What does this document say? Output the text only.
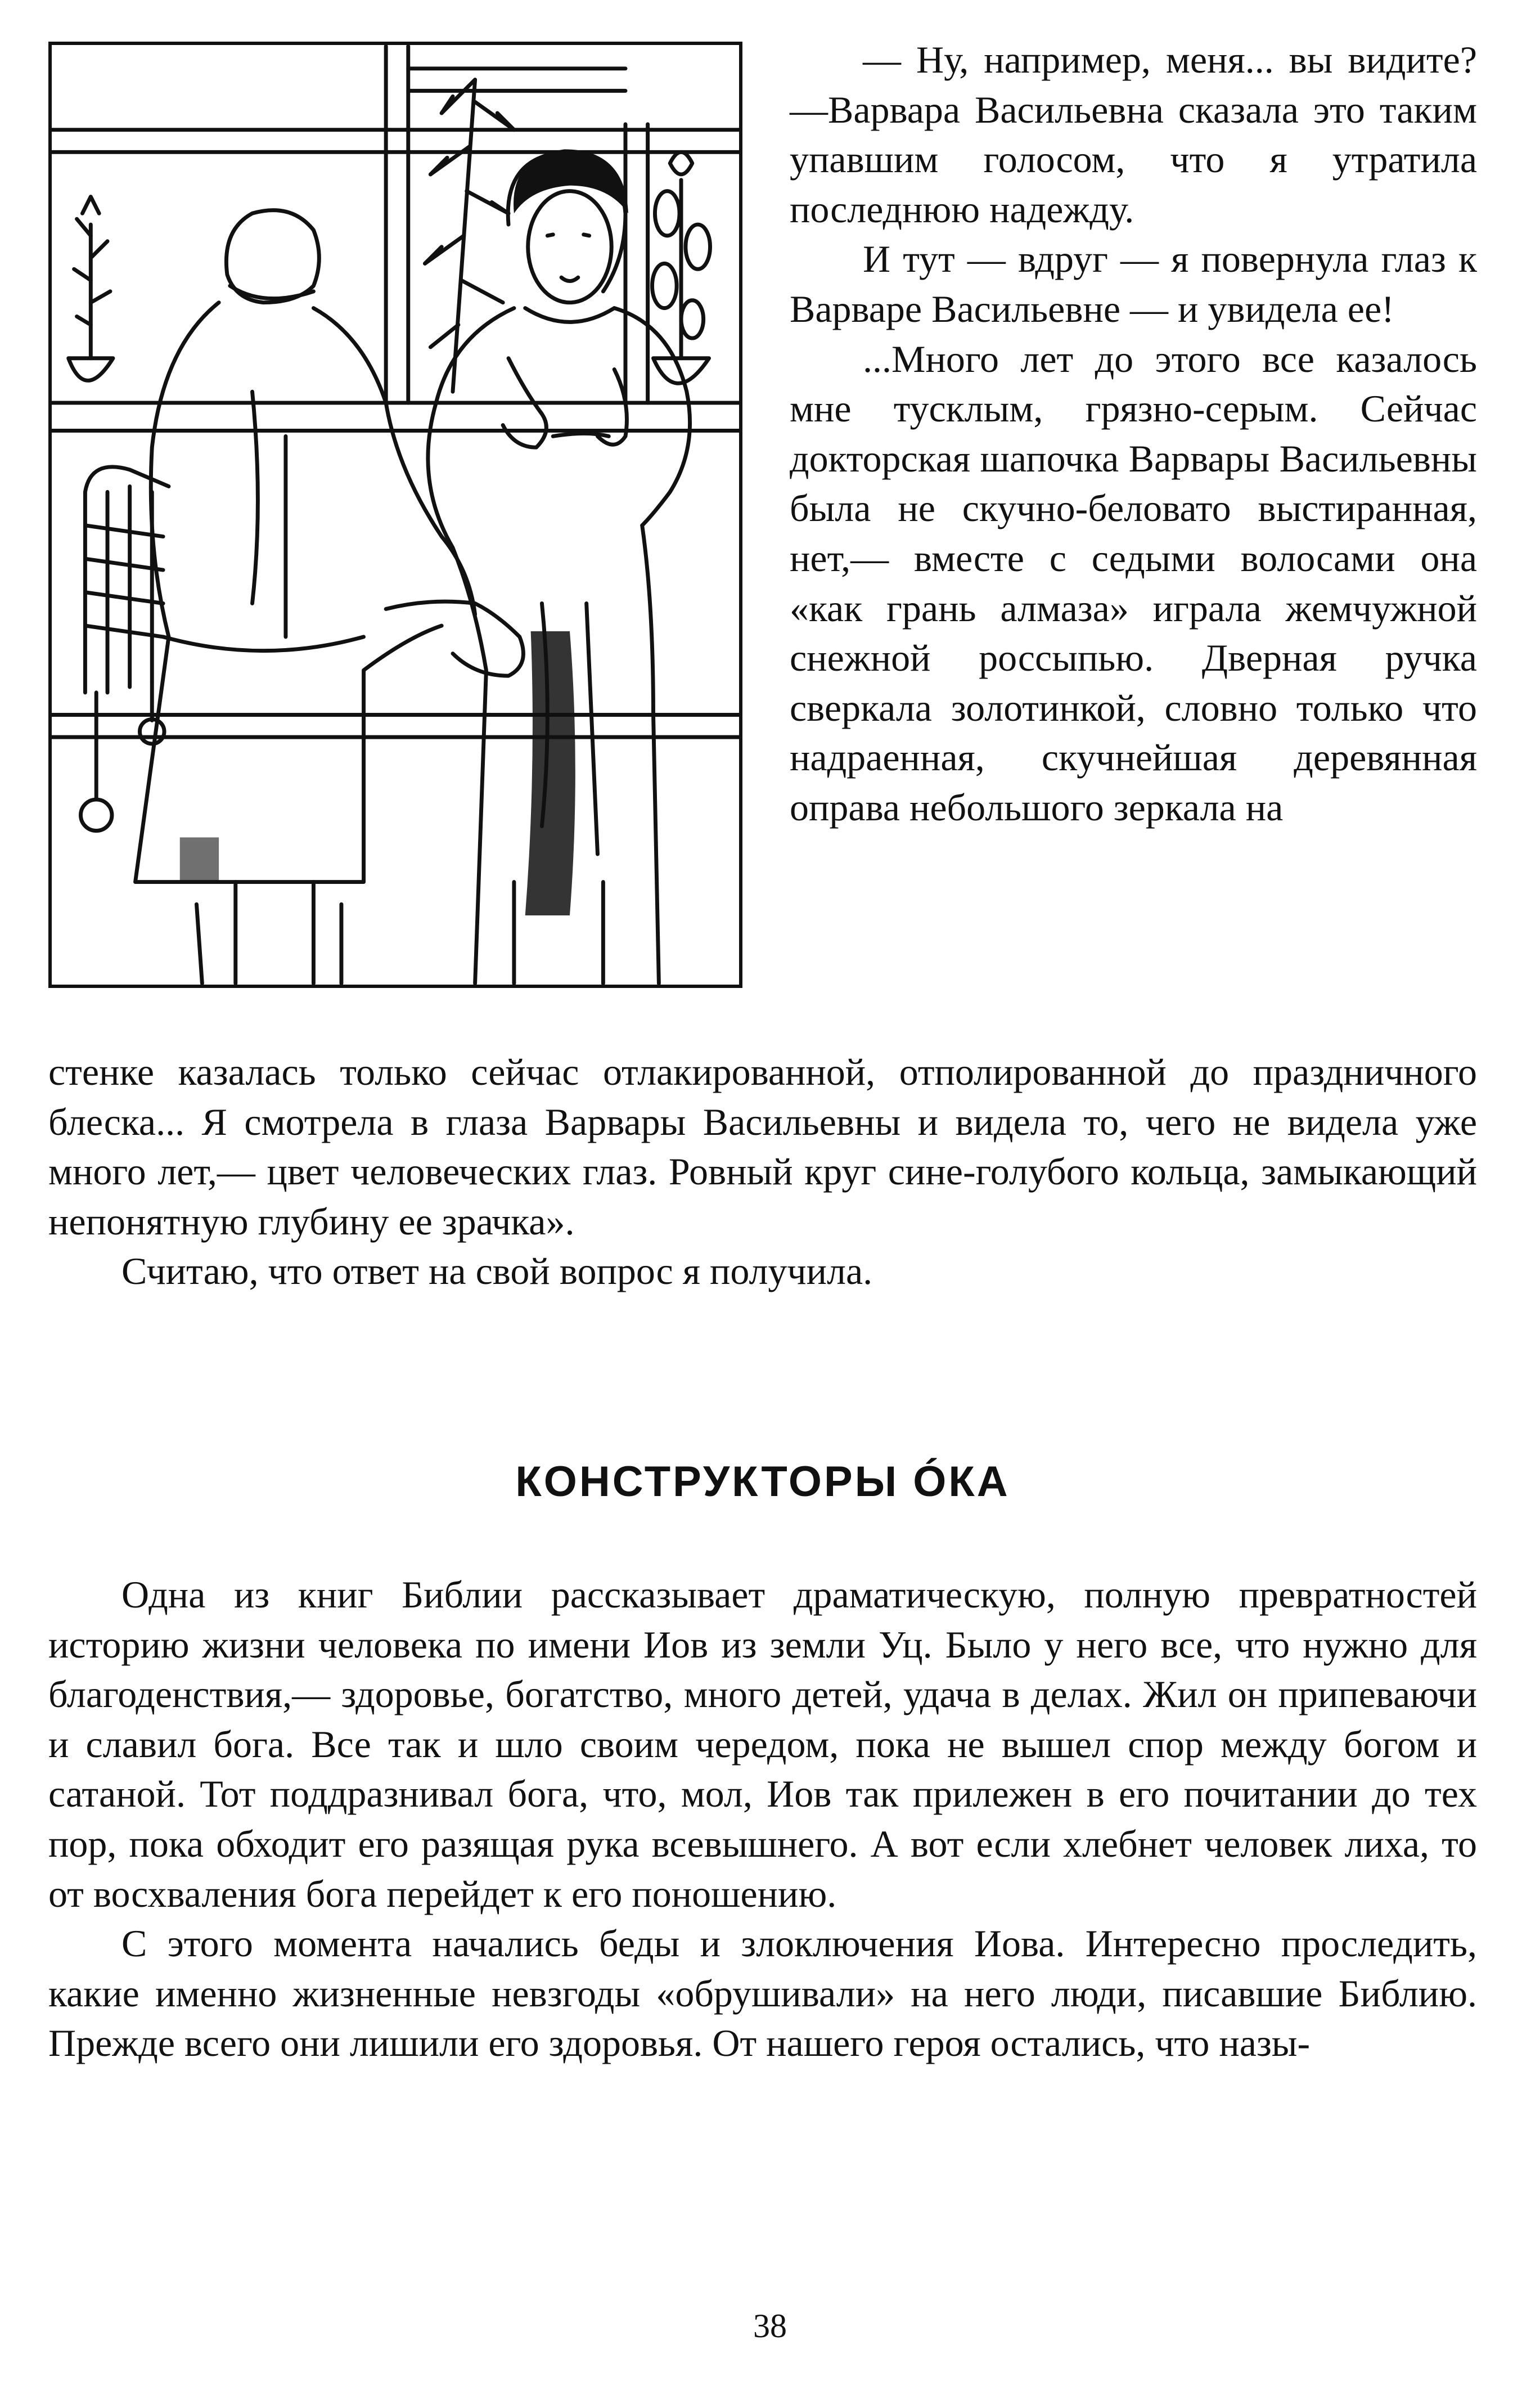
— Ну, например, меня... вы видите?—Варвара Васильевна сказала это таким упавшим голосом, что я утратила последнюю надежду.

И тут — вдруг — я повернула глаз к Варваре Васильевне — и увидела ее!

...Много лет до этого все казалось мне тусклым, грязно-серым. Сейчас докторская шапочка Варвары Васильевны была не скучно-беловато выстиранная, нет,— вместе с седыми волосами она «как грань алмаза» играла жемчужной снежной россыпью. Дверная ручка сверкала золотинкой, словно только что надраенная, скучнейшая деревянная оправа небольшого зеркала на

стенке казалась только сейчас отлакированной, отполированной до праздничного блеска... Я смотрела в глаза Варвары Васильевны и видела то, чего не видела уже много лет,— цвет человеческих глаз. Ровный круг сине-голубого кольца, замыкающий непонятную глубину ее зрачка».

Считаю, что ответ на свой вопрос я получила.

КОНСТРУКТОРЫ ÓКА

Одна из книг Библии рассказывает драматическую, полную превратностей историю жизни человека по имени Иов из земли Уц. Было у него все, что нужно для благоденствия,— здоровье, богатство, много детей, удача в делах. Жил он припеваючи и славил бога. Все так и шло своим чередом, пока не вышел спор между богом и сатаной. Тот поддразнивал бога, что, мол, Иов так прилежен в его почитании до тех пор, пока обходит его разящая рука всевышнего. А вот если хлебнет человек лиха, то от восхваления бога перейдет к его поношению.

С этого момента начались беды и злоключения Иова. Интересно проследить, какие именно жизненные невзгоды «обрушивали» на него люди, писавшие Библию. Прежде всего они лишили его здоровья. От нашего героя остались, что назы-

38
